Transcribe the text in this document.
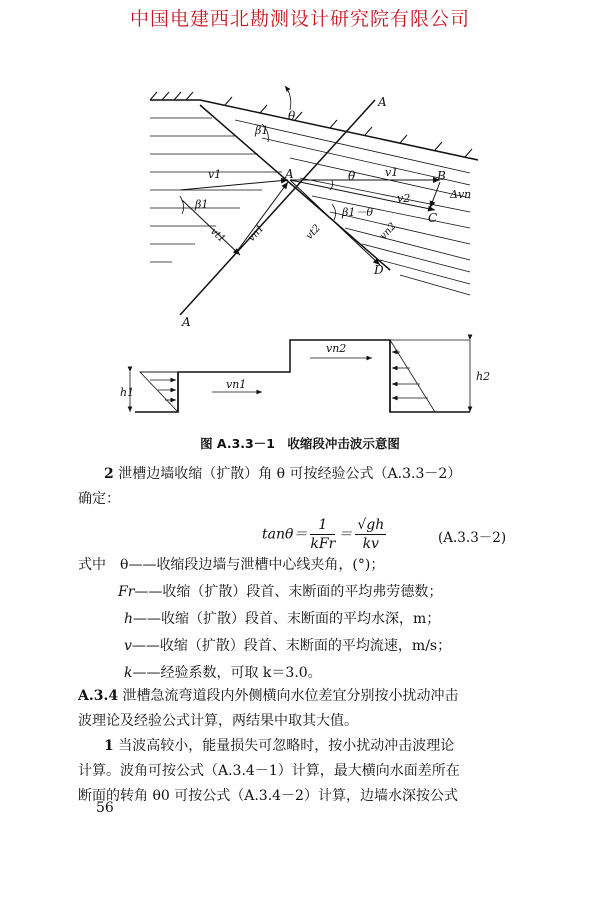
中国电建西北勘测设计研究院有限公司
A
A
A
B
C
D
θ
θ
β1
β1
β1－θ
v1	v1
v2	Δvn
vt1 vn1	vt2	vn2
h1
h2
vn1
vn2
图 A.3.3－1　收缩段冲击波示意图
2 泄槽边墙收缩（扩散）角 θ 可按经验公式（A.3.3－2）
确定：
$\tan\theta= \frac{1}{\text{kFr}} = \frac{√gh}{kv}$	(A.3.3－2)
式中　θ——收缩段边墙与泄槽中心线夹角，(°)；
Fr——收缩（扩散）段首、末断面的平均弗劳德数；
h——收缩（扩散）段首、末断面的平均水深，m；
v——收缩（扩散）段首、末断面的平均流速，m/s；
k——经验系数，可取 k＝3.0。
A.3.4 泄槽急流弯道段内外侧横向水位差宜分别按小扰动冲击
波理论及经验公式计算，两结果中取其大值。
1 当波高较小，能量损失可忽略时，按小扰动冲击波理论
计算。波角可按公式（A.3.4－1）计算，最大横向水面差所在
断面的转角 θ0 可按公式（A.3.4－2）计算，边墙水深按公式
56
